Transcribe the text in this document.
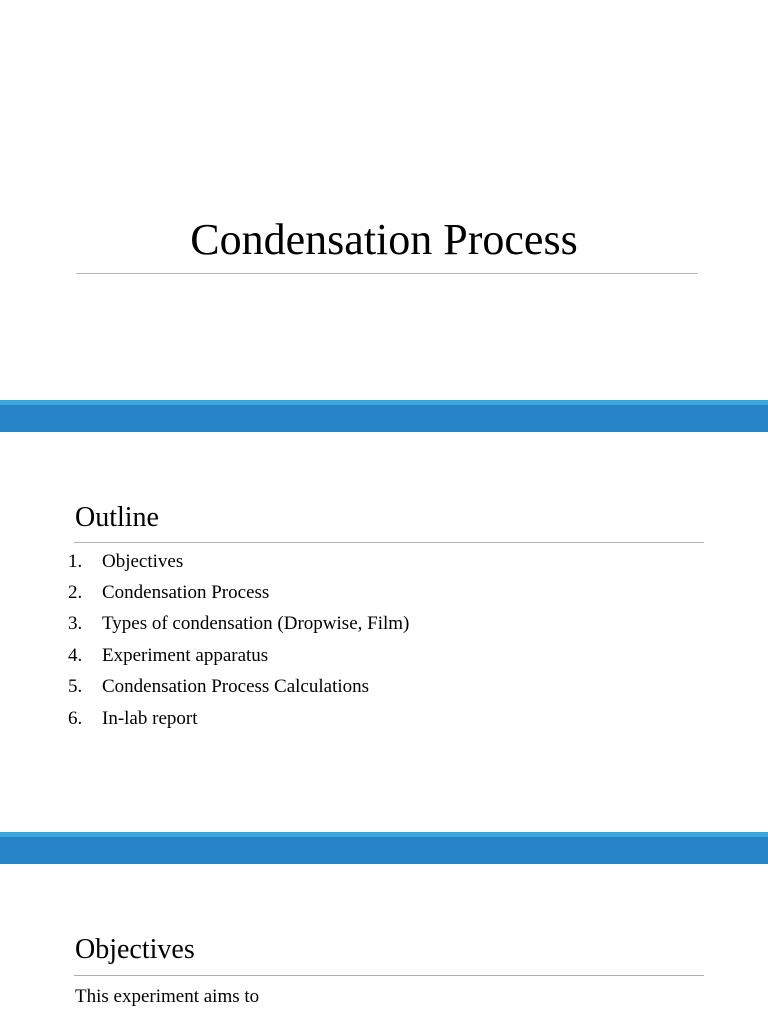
Condensation Process
Outline
1.	Objectives
2.	Condensation Process
3.	Types of condensation (Dropwise, Film)
4.	Experiment apparatus
5.	Condensation Process Calculations
6.	In-lab report
Objectives

This experiment aims to
